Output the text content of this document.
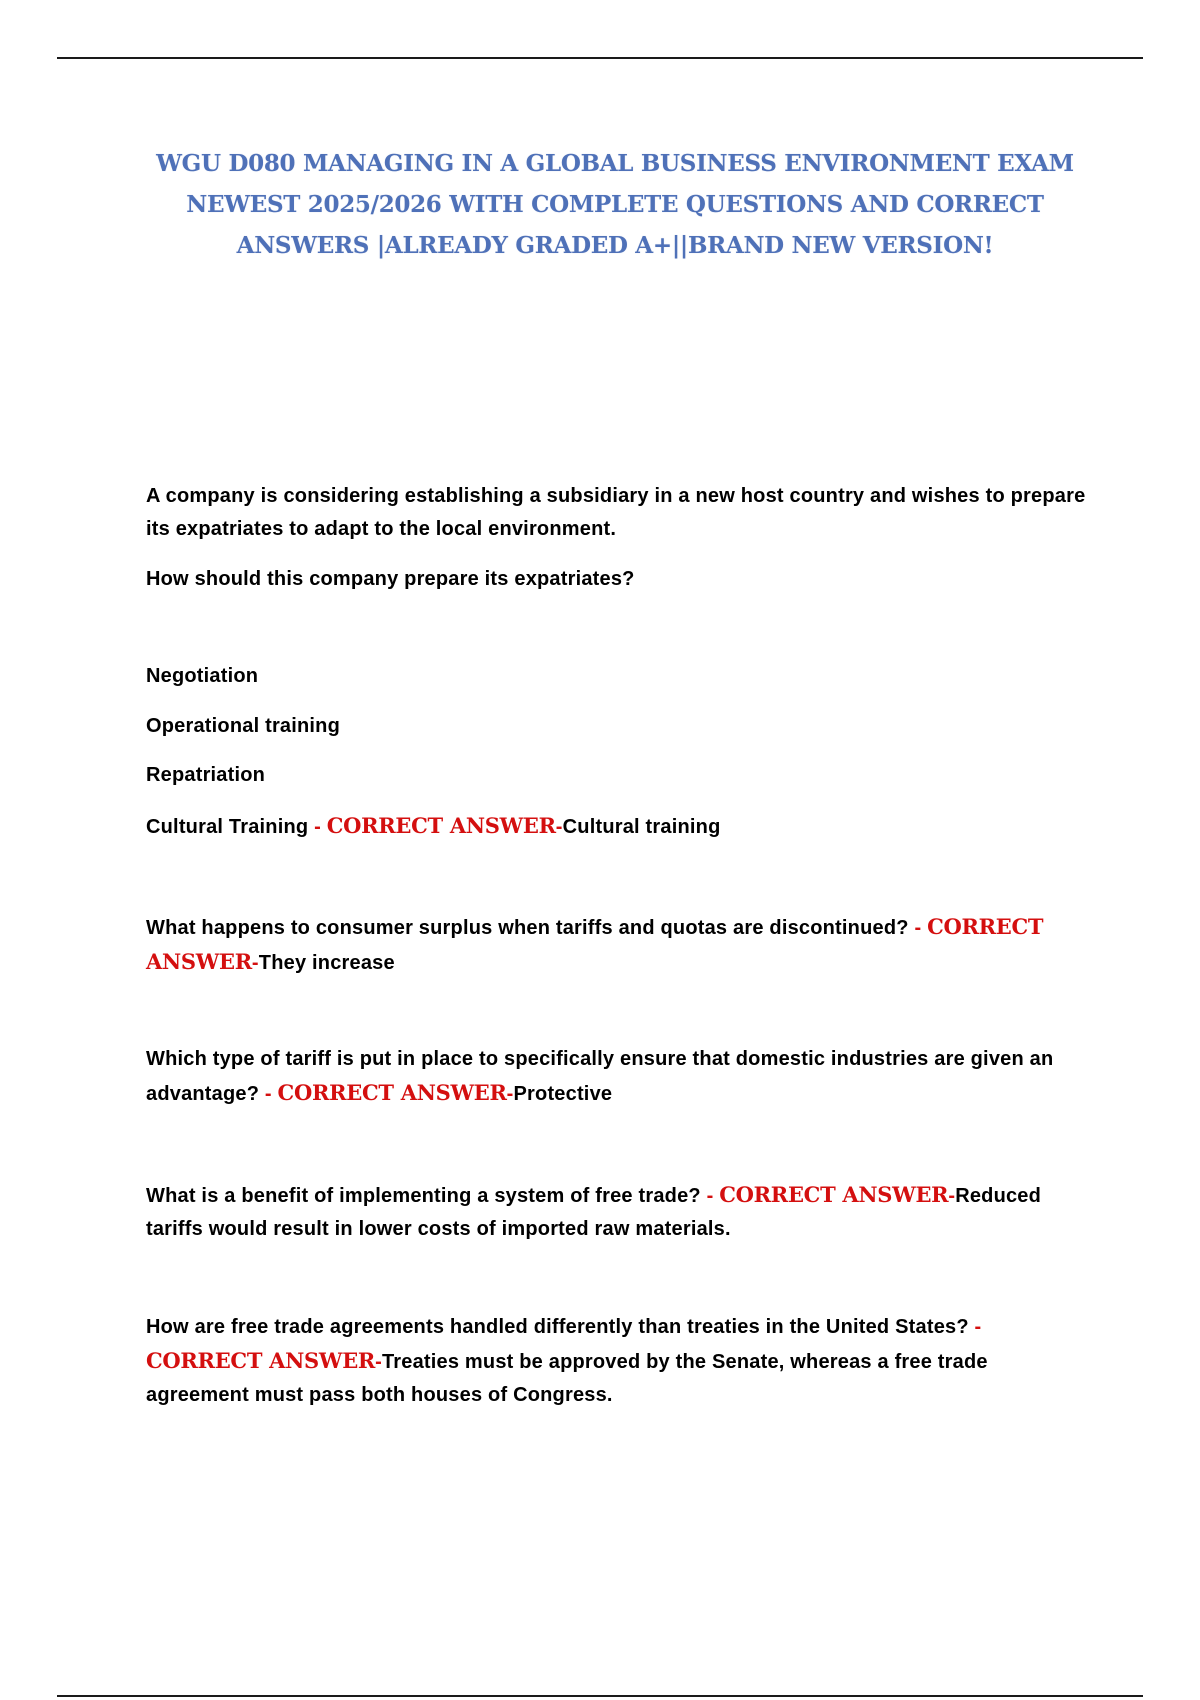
WGU D080 MANAGING IN A GLOBAL BUSINESS ENVIRONMENT EXAM NEWEST 2025/2026 WITH COMPLETE QUESTIONS AND CORRECT ANSWERS |ALREADY GRADED A+||BRAND NEW VERSION!
A company is considering establishing a subsidiary in a new host country and wishes to prepare its expatriates to adapt to the local environment.
How should this company prepare its expatriates?
Negotiation
Operational training
Repatriation
Cultural Training - CORRECT ANSWER-Cultural training
What happens to consumer surplus when tariffs and quotas are discontinued? - CORRECT ANSWER-They increase
Which type of tariff is put in place to specifically ensure that domestic industries are given an advantage? - CORRECT ANSWER-Protective
What is a benefit of implementing a system of free trade? - CORRECT ANSWER-Reduced tariffs would result in lower costs of imported raw materials.
How are free trade agreements handled differently than treaties in the United States? - CORRECT ANSWER-Treaties must be approved by the Senate, whereas a free trade agreement must pass both houses of Congress.
